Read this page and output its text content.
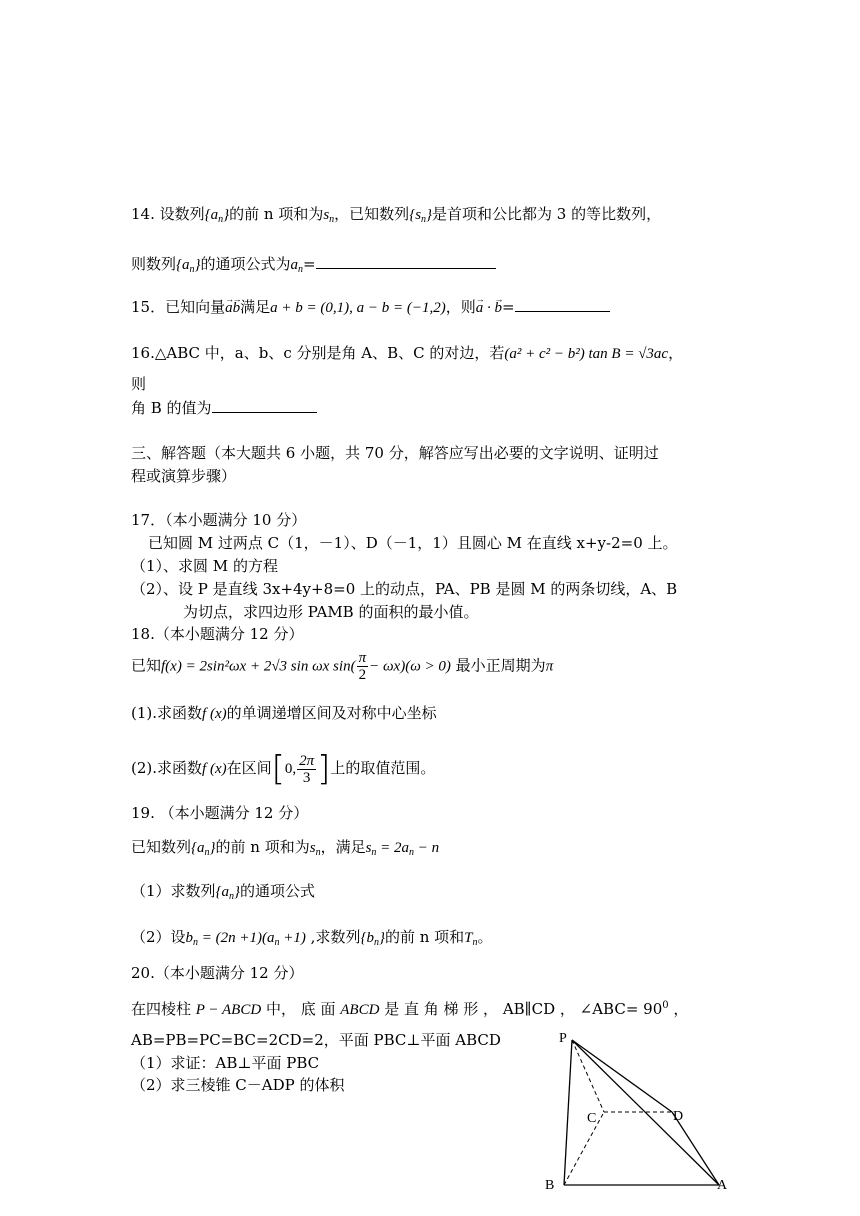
14. 设数列$\{a_n\}$的前 n 项和为$s_n$，已知数列$\{s_n\}$是首项和公比都为 3 的等比数列，
则数列$\{a_n\}$的通项公式为$a_n=$
15．已知向量→ a→ b满足a + b = (0,1), a − b = (−1,2)，则→ a · → b=
16.△ABC 中，a、b、c 分别是角 A、B、C 的对边，若(a² + c² − b²) tan B = √3ac，
则
角 B 的值为
三、解答题（本大题共 6 小题，共 70 分，解答应写出必要的文字说明、证明过
程或演算步骤）
17．（本小题满分 10 分）
已知圆 M 过两点 C（1，－1）、D（－1，1）且圆心 M 在直线 x+y-2=0 上。
（1）、求圆 M 的方程
（2）、设 P 是直线 3x+4y+8=0 上的动点，PA、PB 是圆 M 的两条切线，A、B
为切点，求四边形 PAMB 的面积的最小值。
18.（本小题满分 12 分）
已知f(x) = 2sin²ωx + 2√3 sin ωx $\sin( \frac{\pi}{2} - \omega x)(\omega > 0)$ 最小正周期为π
(1).求函数f (x)的单调递增区间及对称中心坐标
(2).求函数f (x)在区间[0, $\frac{2\pi}{3}$ ]上的取值范围。
19. （本小题满分 12 分）
已知数列$\{a_n\}$的前 n 项和为$s_n$，满足$s_n = 2a_n - n$
（1）求数列$\{a_n\}$的通项公式
（2）设$b_n = (2n +1)(a_n +1)$ ,求数列$\{b_n\}$的前 n 项和$T_n$。
20.（本小题满分 12 分）
在四棱柱 P − ABCD 中， 底 面 ABCD 是 直 角 梯 形 ， AB∥CD ， ∠ABC= $90^0$ ，
AB=PB=PC=BC=2CD=2，平面 PBC⊥平面 ABCD
（1）求证：AB⊥平面 PBC
（2）求三棱锥 C－ADP 的体积
P
C	D
B	A
